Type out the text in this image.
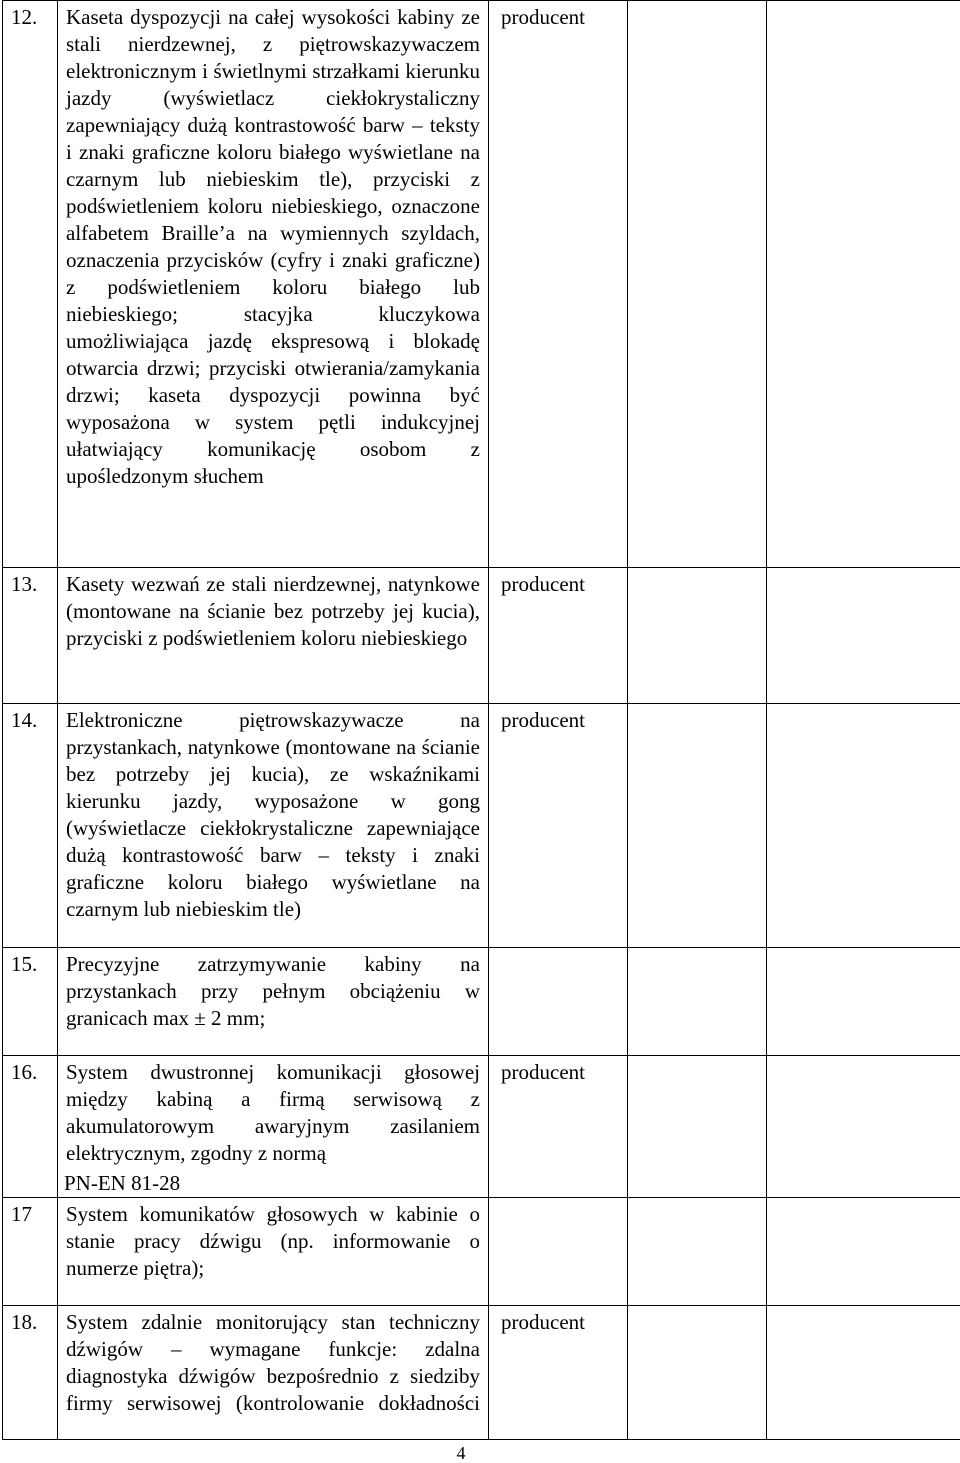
12.	Kaseta dyspozycji na całej wysokości kabiny ze stali nierdzewnej, z piętrowskazywaczem elektronicznym i świetlnymi strzałkami kierunku jazdy (wyświetlacz ciekłokrystaliczny zapewniający dużą kontrastowość barw – teksty i znaki graficzne koloru białego wyświetlane na czarnym lub niebieskim tle), przyciski z podświetleniem koloru niebieskiego, oznaczone alfabetem Braille’a na wymiennych szyldach, oznaczenia przycisków (cyfry i znaki graficzne) z podświetleniem koloru białego lub niebieskiego; stacyjka kluczykowa umożliwiająca jazdę ekspresową i blokadę otwarcia drzwi; przyciski otwierania/zamykania drzwi; kaseta dyspozycji powinna być wyposażona w system pętli indukcyjnej ułatwiający komunikację osobom z upośledzonym słuchem	producent		

13.	Kasety wezwań ze stali nierdzewnej, natynkowe (montowane na ścianie bez potrzeby jej kucia), przyciski z podświetleniem koloru niebieskiego	producent		

14.	Elektroniczne piętrowskazywacze na przystankach, natynkowe (montowane na ścianie bez potrzeby jej kucia), ze wskaźnikami kierunku jazdy, wyposażone w gong (wyświetlacze ciekłokrystaliczne zapewniające dużą kontrastowość barw – teksty i znaki graficzne koloru białego wyświetlane na czarnym lub niebieskim tle)	producent		

15.	Precyzyjne zatrzymywanie kabiny na przystankach przy pełnym obciążeniu w granicach max ± 2 mm;			

16.	System dwustronnej komunikacji głosowej między kabiną a firmą serwisową z akumulatorowym awaryjnym zasilaniem elektrycznym, zgodny z normą
PN-EN 81-28	producent		

17	System komunikatów głosowych w kabinie o stanie pracy dźwigu (np. informowanie o numerze piętra);			

18.	System zdalnie monitorujący stan techniczny dźwigów – wymagane funkcje: zdalna diagnostyka dźwigów bezpośrednio z siedziby firmy serwisowej (kontrolowanie dokładności	producent		

4
